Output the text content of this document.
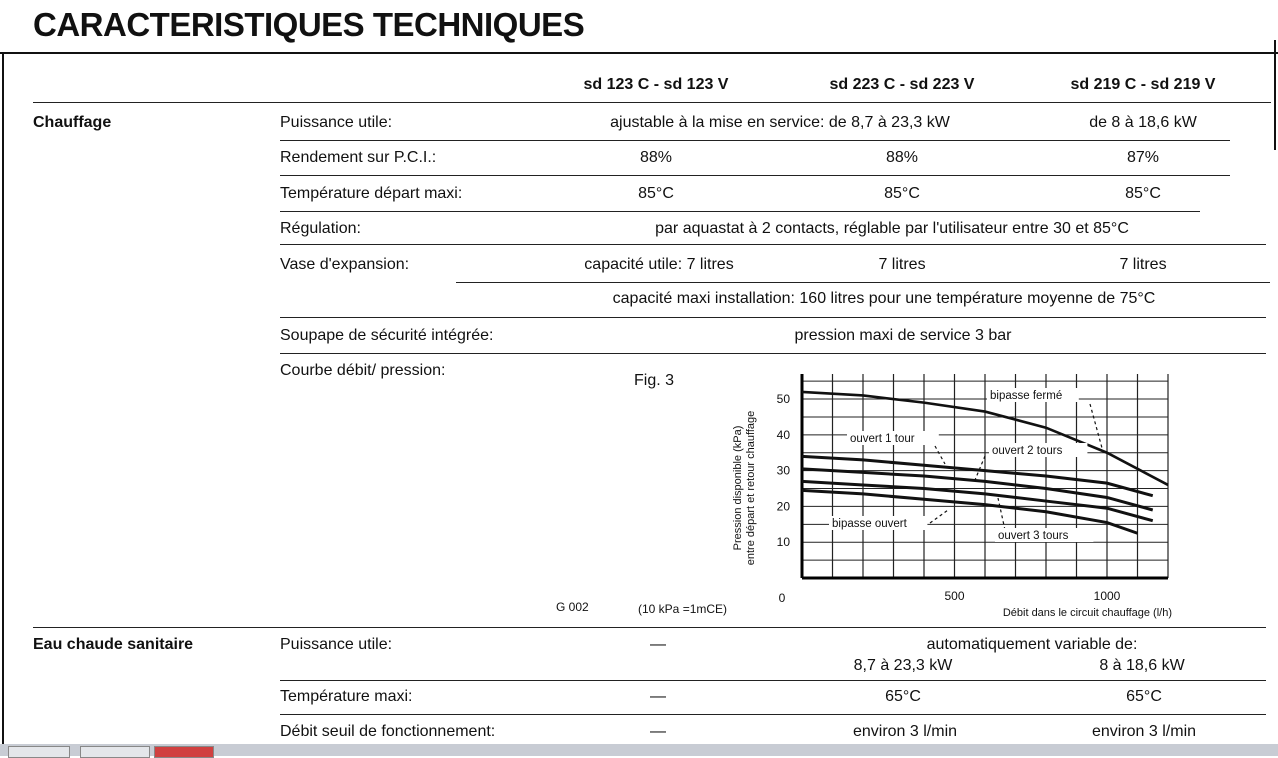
CARACTERISTIQUES TECHNIQUES
sd 123 C - sd 123 V	sd 223 C - sd 223 V	sd 219 C - sd 219 V
Chauffage	Puissance utile:	ajustable à la mise en service: de 8,7 à 23,3 kW	de 8 à 18,6 kW
Rendement sur P.C.I.:	88%	88%	87%
Température départ maxi:	85°C	85°C	85°C
Régulation:	par aquastat à 2 contacts, réglable par l'utilisateur entre 30 et 85°C
Vase d'expansion:	capacité utile: 7 litres	7 litres	7 litres
capacité maxi installation: 160 litres pour une température moyenne de 75°C
Soupape de sécurité intégrée:	pression maxi de service 3 bar
Courbe débit/ pression:
Fig. 3
G 002	(10 kPa =1mCE)
10
20
30
40
50
500	1000
0
Débit dans le circuit chauffage (l/h)
Pression disponible (kPa) entre départ et retour chauffage
bipasse fermé
ouvert 1 tour
ouvert 2 tours
bipasse ouvert
ouvert 3 tours
Eau chaude sanitaire	Puissance utile:	—	automatiquement variable de:
8,7 à 23,3 kW	8 à 18,6 kW
Température maxi:	—	65°C	65°C
Débit seuil de fonctionnement:	—	environ 3 l/min	environ 3 l/min
